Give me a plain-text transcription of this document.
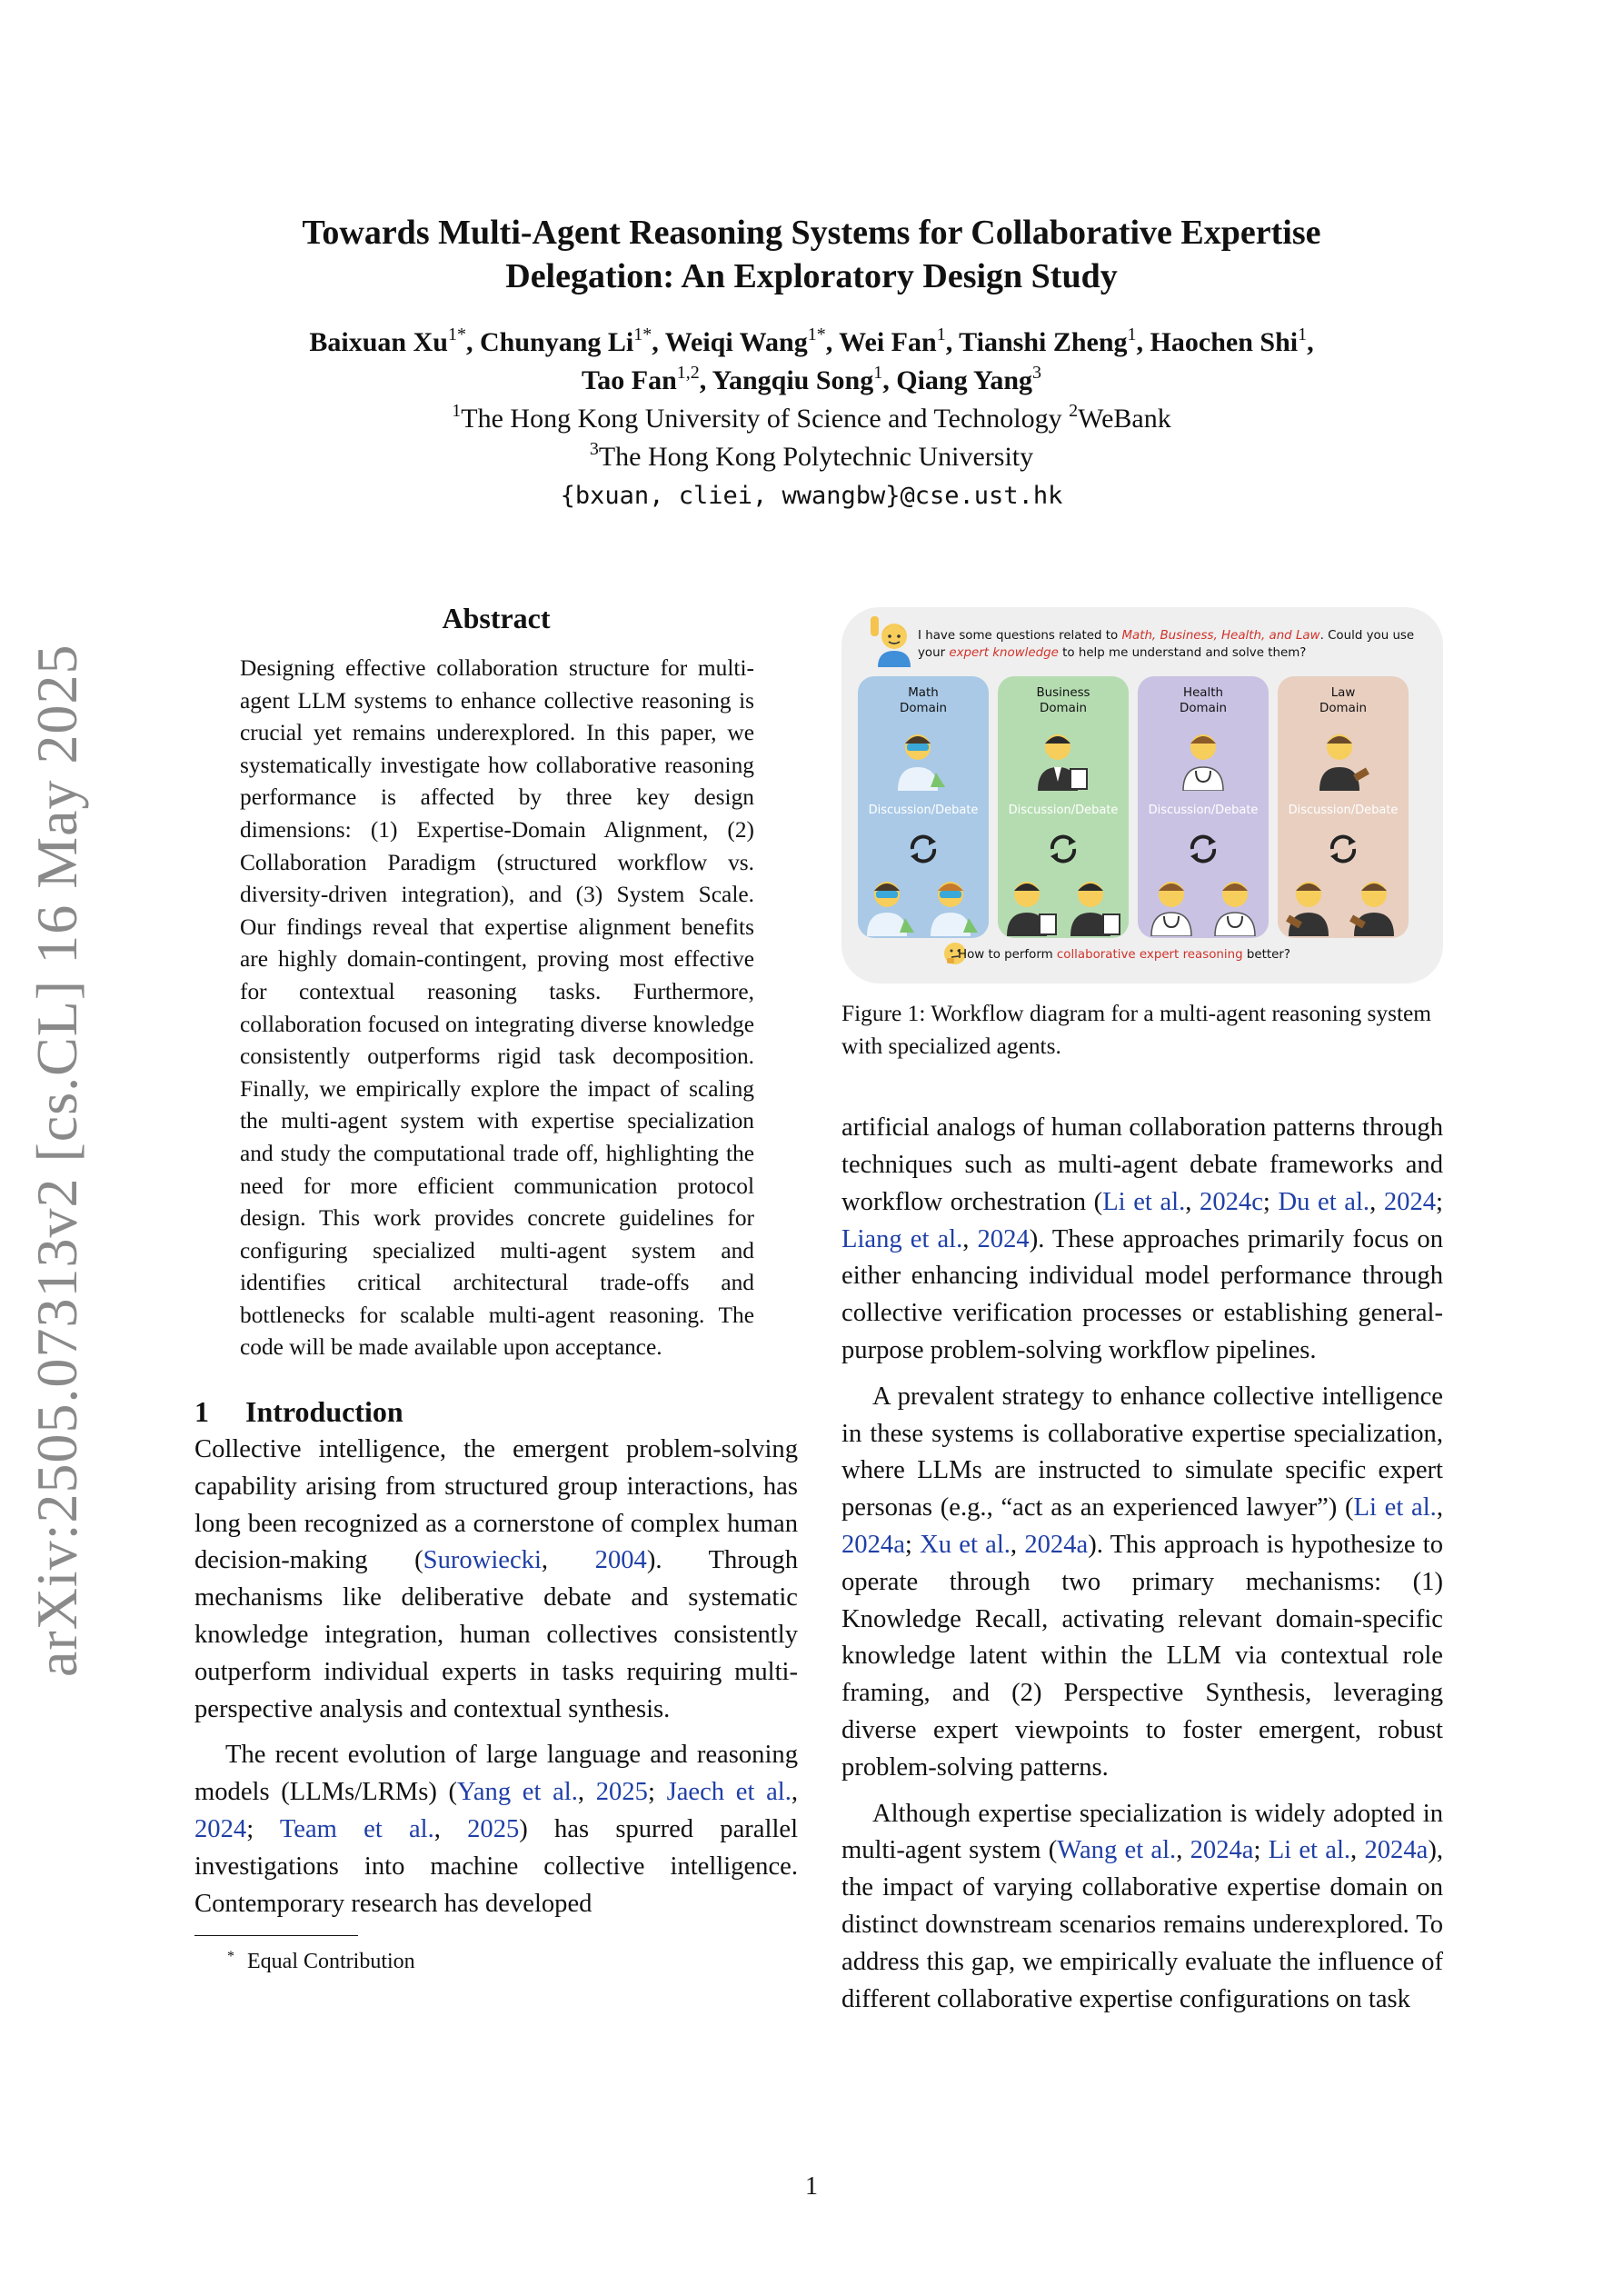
arXiv:2505.07313v2 [cs.CL] 16 May 2025
Towards Multi-Agent Reasoning Systems for Collaborative Expertise
Delegation: An Exploratory Design Study
Baixuan $Xu^{1*}$, Chunyang $Li^{1*}$, Weiqi Wang$^{1*}$, Wei Fan$^1$, Tianshi Zheng$^1$, Haochen Shi$^1$,
Tao Fan$^{1,2}$, Yangqiu Song$^1$, Qiang Yang$^3$
$^1$The Hong Kong University of Science and Technology $^2$WeBank
$^3$The Hong Kong Polytechnic University
{bxuan, cliei, wwangbw}@cse.ust.hk
Abstract
Designing effective collaboration structure for multi-agent LLM systems to enhance collective reasoning is crucial yet remains underexplored. In this paper, we systematically investigate how collaborative reasoning performance is affected by three key design dimensions: (1) Expertise-Domain Alignment, (2) Collaboration Paradigm (structured workflow vs. diversity-driven integration), and (3) System Scale. Our findings reveal that expertise alignment benefits are highly domain-contingent, proving most effective for contextual reasoning tasks. Furthermore, collaboration focused on integrating diverse knowledge consistently outperforms rigid task decomposition. Finally, we empirically explore the impact of scaling the multi-agent system with expertise specialization and study the computational trade off, highlighting the need for more efficient communication protocol design. This work provides concrete guidelines for configuring specialized multi-agent system and identifies critical architectural trade-offs and bottlenecks for scalable multi-agent reasoning. The code will be made available upon acceptance.
1 Introduction

Collective intelligence, the emergent problem-solving capability arising from structured group interactions, has long been recognized as a cornerstone of complex human decision-making (Surowiecki, 2004). Through mechanisms like deliberative debate and systematic knowledge integration, human collectives consistently outperform individual experts in tasks requiring multi-perspective analysis and contextual synthesis.

The recent evolution of large language and reasoning models (LLMs/LRMs) (Yang et al., 2025; Jaech et al., 2024; Team et al., 2025) has spurred parallel investigations into machine collective intelligence. Contemporary research has developed

* Equal Contribution
I have some questions related to Math, Business, Health, and Law. Could you use your expert knowledge to help me understand and solve them?
Math
Domain
Discussion/Debate
Business
Domain
Discussion/Debate
Health
Domain
Discussion/Debate
Law
Domain
Discussion/Debate
How to perform collaborative expert reasoning better?
Figure 1: Workflow diagram for a multi-agent reasoning system with specialized agents.

artificial analogs of human collaboration patterns through techniques such as multi-agent debate frameworks and workflow orchestration (Li et al., 2024c; Du et al., 2024; Liang et al., 2024). These approaches primarily focus on either enhancing individual model performance through collective verification processes or establishing general-purpose problem-solving workflow pipelines.

A prevalent strategy to enhance collective intelligence in these systems is collaborative expertise specialization, where LLMs are instructed to simulate specific expert personas (e.g., “act as an experienced lawyer”) (Li et al., 2024a; Xu et al., 2024a). This approach is hypothesize to operate through two primary mechanisms: (1) Knowledge Recall, activating relevant domain-specific knowledge latent within the LLM via contextual role framing, and (2) Perspective Synthesis, leveraging diverse expert viewpoints to foster emergent, robust problem-solving patterns.

Although expertise specialization is widely adopted in multi-agent system (Wang et al., 2024a; Li et al., 2024a), the impact of varying collaborative expertise domain on distinct downstream scenarios remains underexplored. To address this gap, we empirically evaluate the influence of different collaborative expertise configurations on task

1
